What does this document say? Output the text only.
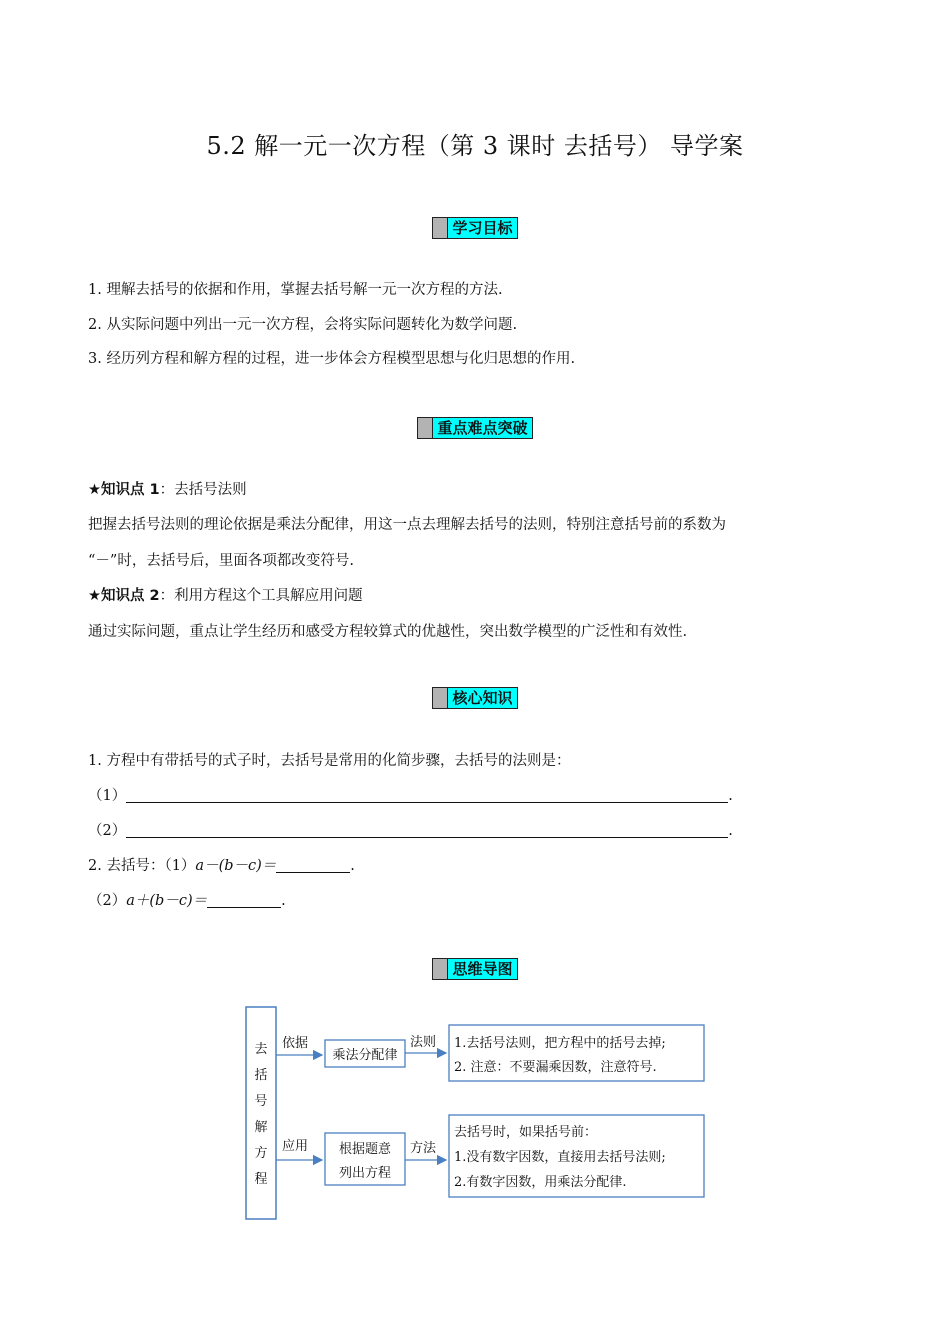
5.2 解一元一次方程（第 3 课时 去括号） 导学案
学习目标
1. 理解去括号的依据和作用，掌握去括号解一元一次方程的方法.
2. 从实际问题中列出一元一次方程，会将实际问题转化为数学问题.
3. 经历列方程和解方程的过程，进一步体会方程模型思想与化归思想的作用.
重点难点突破
★知识点 1：去括号法则
把握去括号法则的理论依据是乘法分配律，用这一点去理解去括号的法则，特别注意括号前的系数为
“－”时，去括号后，里面各项都改变符号.
★知识点 2：利用方程这个工具解应用问题
通过实际问题，重点让学生经历和感受方程较算式的优越性，突出数学模型的广泛性和有效性.
核心知识
1. 方程中有带括号的式子时，去括号是常用的化简步骤，去括号的法则是：
（1）	.
（2）	.
2. 去括号：（1）a－(b－c)＝	.
（2）a＋(b－c)＝	.
思维导图
去
括
号
解
方
程
依据
乘法分配律
法则 1.去括号法则，把方程中的括号去掉;
2. 注意：不要漏乘因数，注意符号.
应用 根据题意
列出方程
方法
去括号时，如果括号前：
1.没有数字因数，直接用去括号法则;
2.有数字因数，用乘法分配律.
